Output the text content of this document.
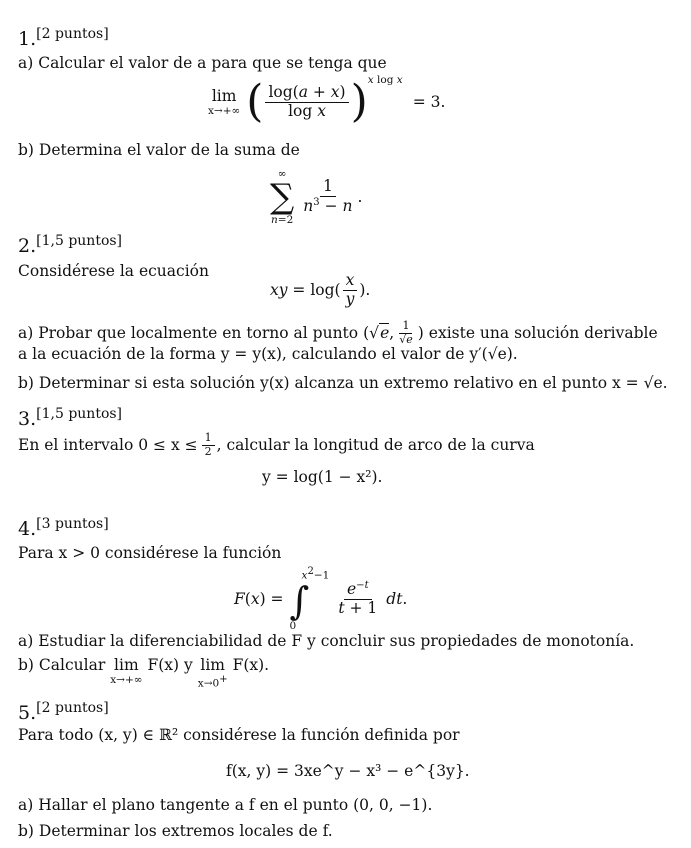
1.[2 puntos]
a) Calcular el valor de a para que se tenga que
lim
x→+∞ ( $\frac{\log(a + x)}{\text{log x}}$ ) x log x
= 3.
b) Determina el valor de la suma de
∞
∑
n=2
$\frac{1}{n^3 - n}$ .
2.[1,5 puntos]
Considérese la ecuación
xy = $\log( \frac{x}{y}$ ).
a) Probar que localmente en torno al punto (√e, $\frac{1}{√e}$ ) existe una solución derivable
a la ecuación de la forma y = y(x), calculando el valor de y′(√e).
b) Determinar si esta solución y(x) alcanza un extremo relativo en el punto x = √e.
3.[1,5 puntos]
En el intervalo $0 \le x \le \frac{1}{2}$ , calcular la longitud de arco de la curva
y = log(1 − x²).
4.[3 puntos]
Para x > 0 considérese la función
F(x) =
$x^2-1$
∫
0
$\frac{e^{-t}}{t + 1}$ dt.
a) Estudiar la diferenciabilidad de F y concluir sus propiedades de monotonía.
b) Calcular lim
x→+∞
F(x) y lim
x→0+
F(x).
5.[2 puntos]
Para todo (x, y) ∈ ℝ² considérese la función definida por
f(x, y) = 3xe^y − x³ − e^{3y}.
a) Hallar el plano tangente a f en el punto (0, 0, −1).
b) Determinar los extremos locales de f.
